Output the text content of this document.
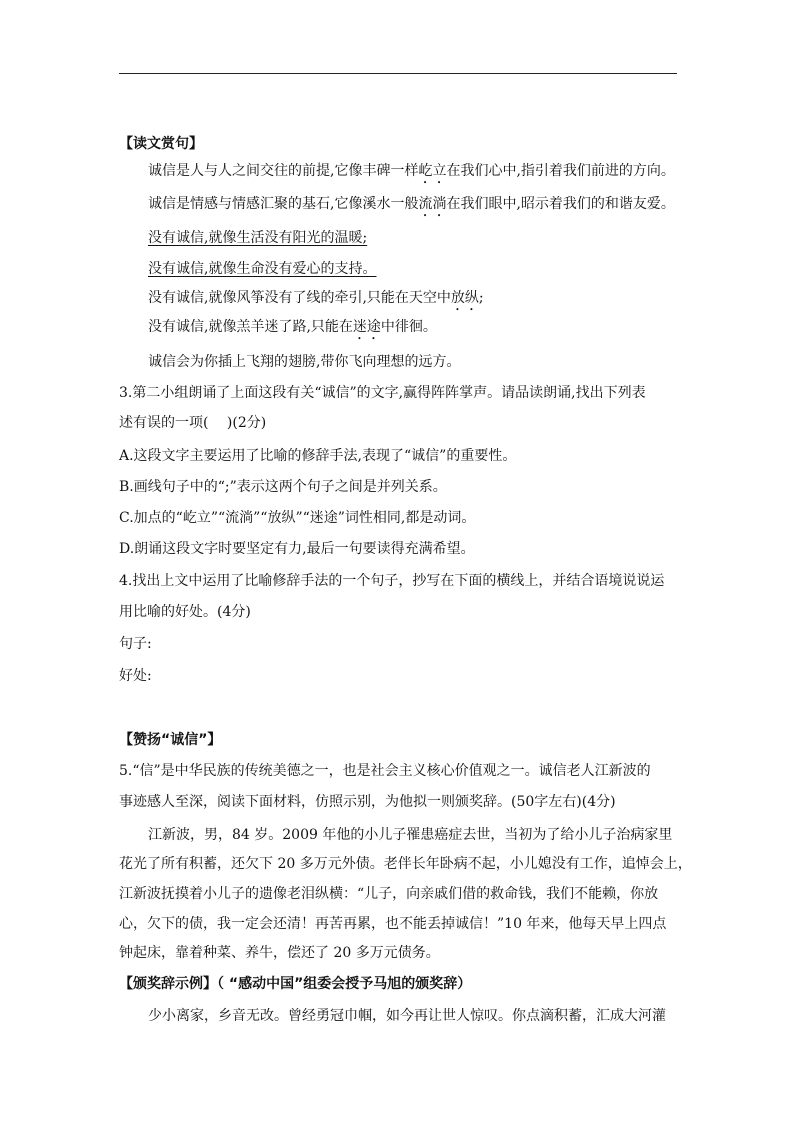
【读文赏句】
诚信是人与人之间交往的前提,它像丰碑一样屹立在我们心中,指引着我们前进的方向。
诚信是情感与情感汇聚的基石,它像溪水一般流淌在我们眼中,昭示着我们的和谐友爱。
没有诚信,就像生活没有阳光的温暖;
没有诚信,就像生命没有爱心的支持。
没有诚信,就像风筝没有了线的牵引,只能在天空中放纵;
没有诚信,就像羔羊迷了路,只能在迷途中徘徊。
诚信会为你插上飞翔的翅膀,带你飞向理想的远方。
3.第二小组朗诵了上面这段有关“诚信”的文字,赢得阵阵掌声。请品读朗诵,找出下列表
述有误的一项(　 )(2分)
A.这段文字主要运用了比喻的修辞手法,表现了“诚信”的重要性。
B.画线句子中的“;”表示这两个句子之间是并列关系。
C.加点的“屹立”“流淌”“放纵”“迷途”词性相同,都是动词。
D.朗诵这段文字时要坚定有力,最后一句要读得充满希望。
4.找出上文中运用了比喻修辞手法的一个句子，抄写在下面的横线上，并结合语境说说运
用比喻的好处。(4分)
句子:
好处:
【赞扬“诚信”】
5.“信”是中华民族的传统美德之一，也是社会主义核心价值观之一。诚信老人江新波的
事迹感人至深，阅读下面材料，仿照示别，为他拟一则颁奖辞。(50字左右)(4分)
江新波，男，84 岁。2009 年他的小儿子罹患癌症去世，当初为了给小儿子治病家里
花光了所有积蓄，还欠下 20 多万元外债。老伴长年卧病不起，小儿媳没有工作，追悼会上，
江新波抚摸着小儿子的遗像老泪纵横：“儿子，向亲戚们借的救命钱，我们不能赖，你放
心，欠下的债，我一定会还清！再苦再累，也不能丢掉诚信！”10 年来，他每天早上四点
钟起床，靠着种菜、养牛，偿还了 20 多万元债务。
【颁奖辞示例】（ “感动中国”组委会授予马旭的颁奖辞）
少小离家，乡音无改。曾经勇冠巾帼，如今再让世人惊叹。你点滴积蓄，汇成大河灌
